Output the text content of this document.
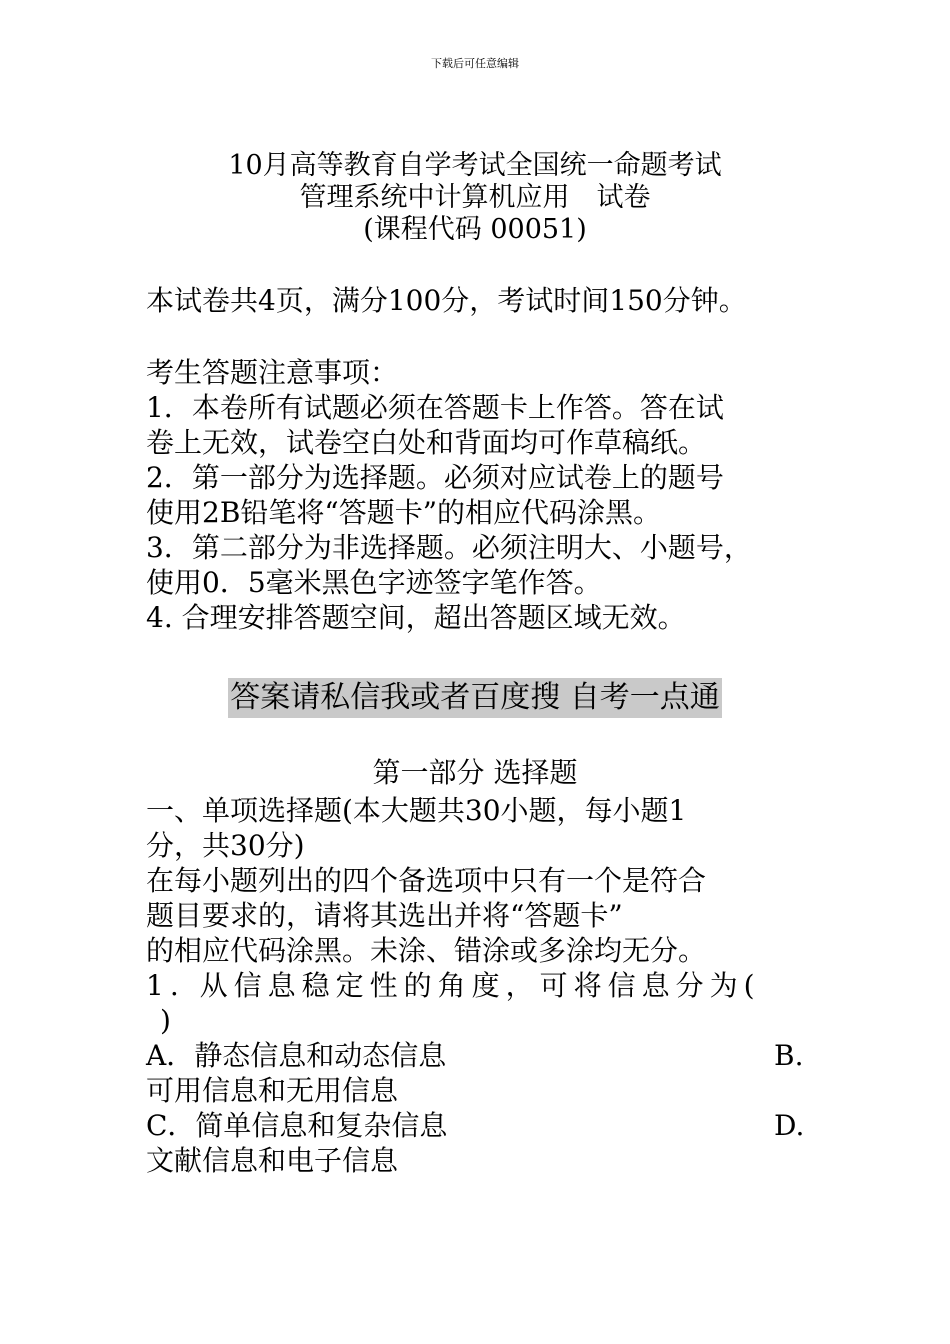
下载后可任意编辑
10月高等教育自学考试全国统一命题考试
管理系统中计算机应用　试卷
(课程代码 00051)
本试卷共4页，满分100分，考试时间150分钟。
考生答题注意事项：
1．本卷所有试题必须在答题卡上作答。答在试
卷上无效，试卷空白处和背面均可作草稿纸。
2．第一部分为选择题。必须对应试卷上的题号
使用2B铅笔将“答题卡”的相应代码涂黑。
3．第二部分为非选择题。必须注明大、小题号，
使用0．5毫米黑色字迹签字笔作答。
4. 合理安排答题空间，超出答题区域无效。
答案请私信我或者百度搜 自考一点通
第一部分 选择题
一、单项选择题(本大题共30小题，每小题1
分，共30分)
在每小题列出的四个备选项中只有一个是符合
题目要求的，请将其选出并将“答题卡”
的相应代码涂黑。未涂、错涂或多涂均无分。
1. 从信息稳定性的角度，可将信息分为(
)
A．静态信息和动态信息	B.
可用信息和无用信息
C．简单信息和复杂信息	D.
文献信息和电子信息
